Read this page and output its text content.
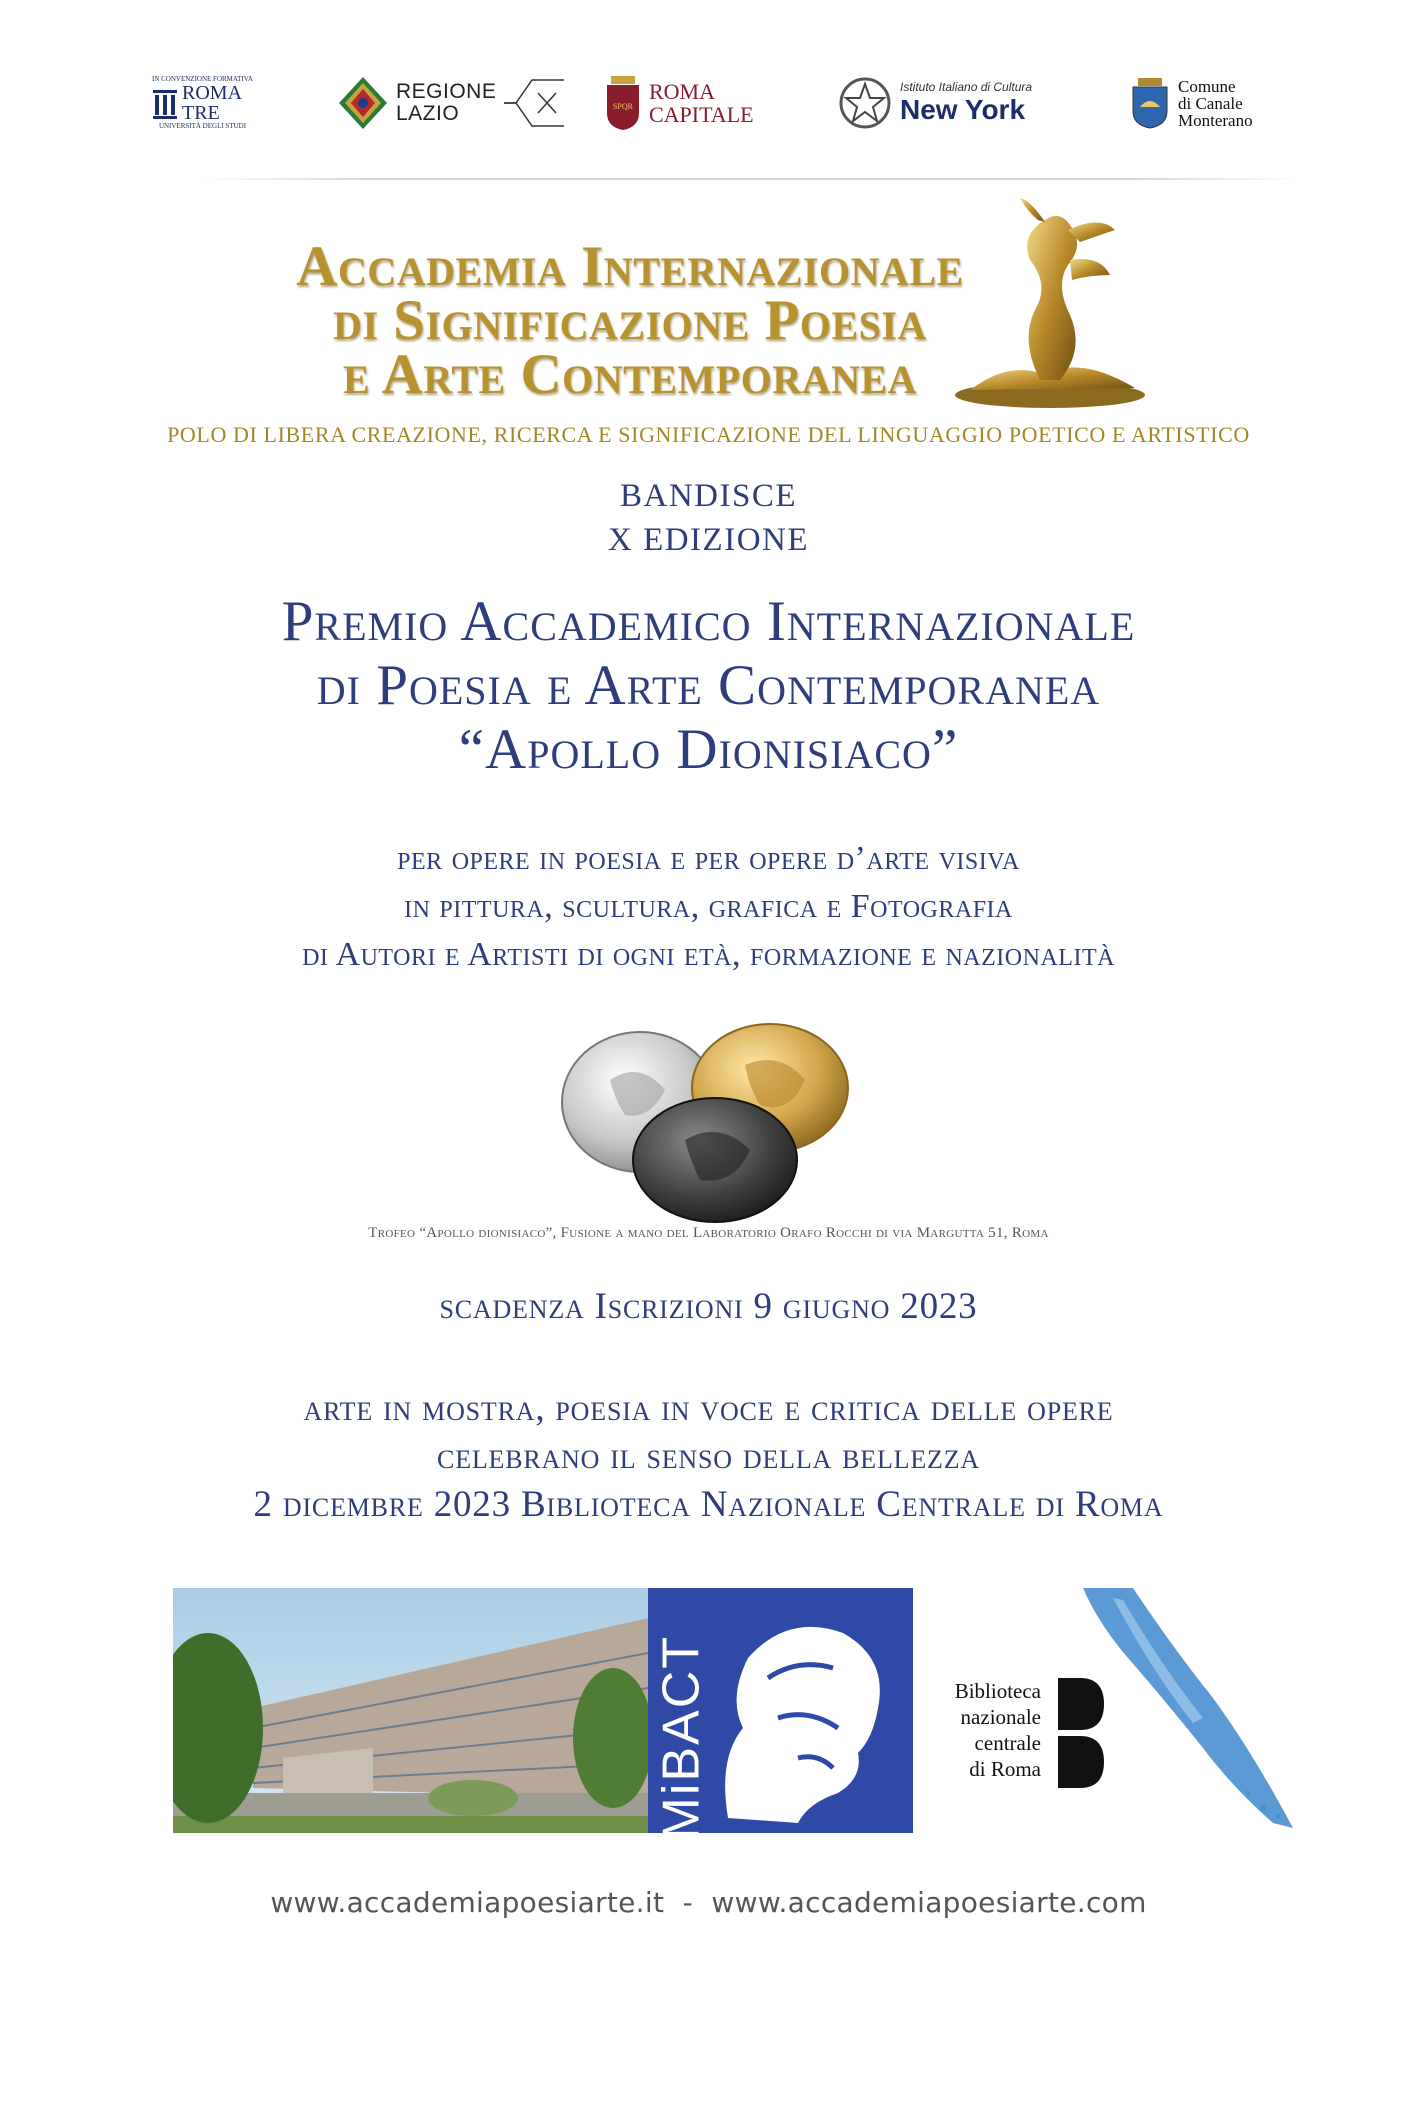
IN CONVENZIONE FORMATIVA
ROMA
TRE
UNIVERSITÀ DEGLI STUDI
REGIONE
LAZIO	SPQR
ROMA
CAPITALE
Istituto Italiano di Cultura
New York
Comune
di Canale
Monterano
Accademia Internazionale
di Significazione Poesia
e Arte Contemporanea
POLO DI LIBERA CREAZIONE, RICERCA E SIGNIFICAZIONE DEL LINGUAGGIO POETICO E ARTISTICO
BANDISCE
X EDIZIONE
Premio Accademico Internazionale
di Poesia e Arte Contemporanea
“Apollo Dionisiaco”
per opere in poesia e per opere d’arte visiva
in pittura, scultura, grafica e Fotografia
di Autori e Artisti di ogni età, formazione e nazionalità
Trofeo “Apollo dionisiaco”, Fusione a mano del Laboratorio Orafo Rocchi di via Margutta 51, Roma
scadenza Iscrizioni 9 giugno 2023
arte in mostra, poesia in voce e critica delle opere
celebrano il senso della bellezza
2 dicembre 2023 Biblioteca Nazionale Centrale di Roma
MiBACT	Biblioteca
nazionale
centrale
di Roma
www.accademiapoesiarte.it  -  www.accademiapoesiarte.com
